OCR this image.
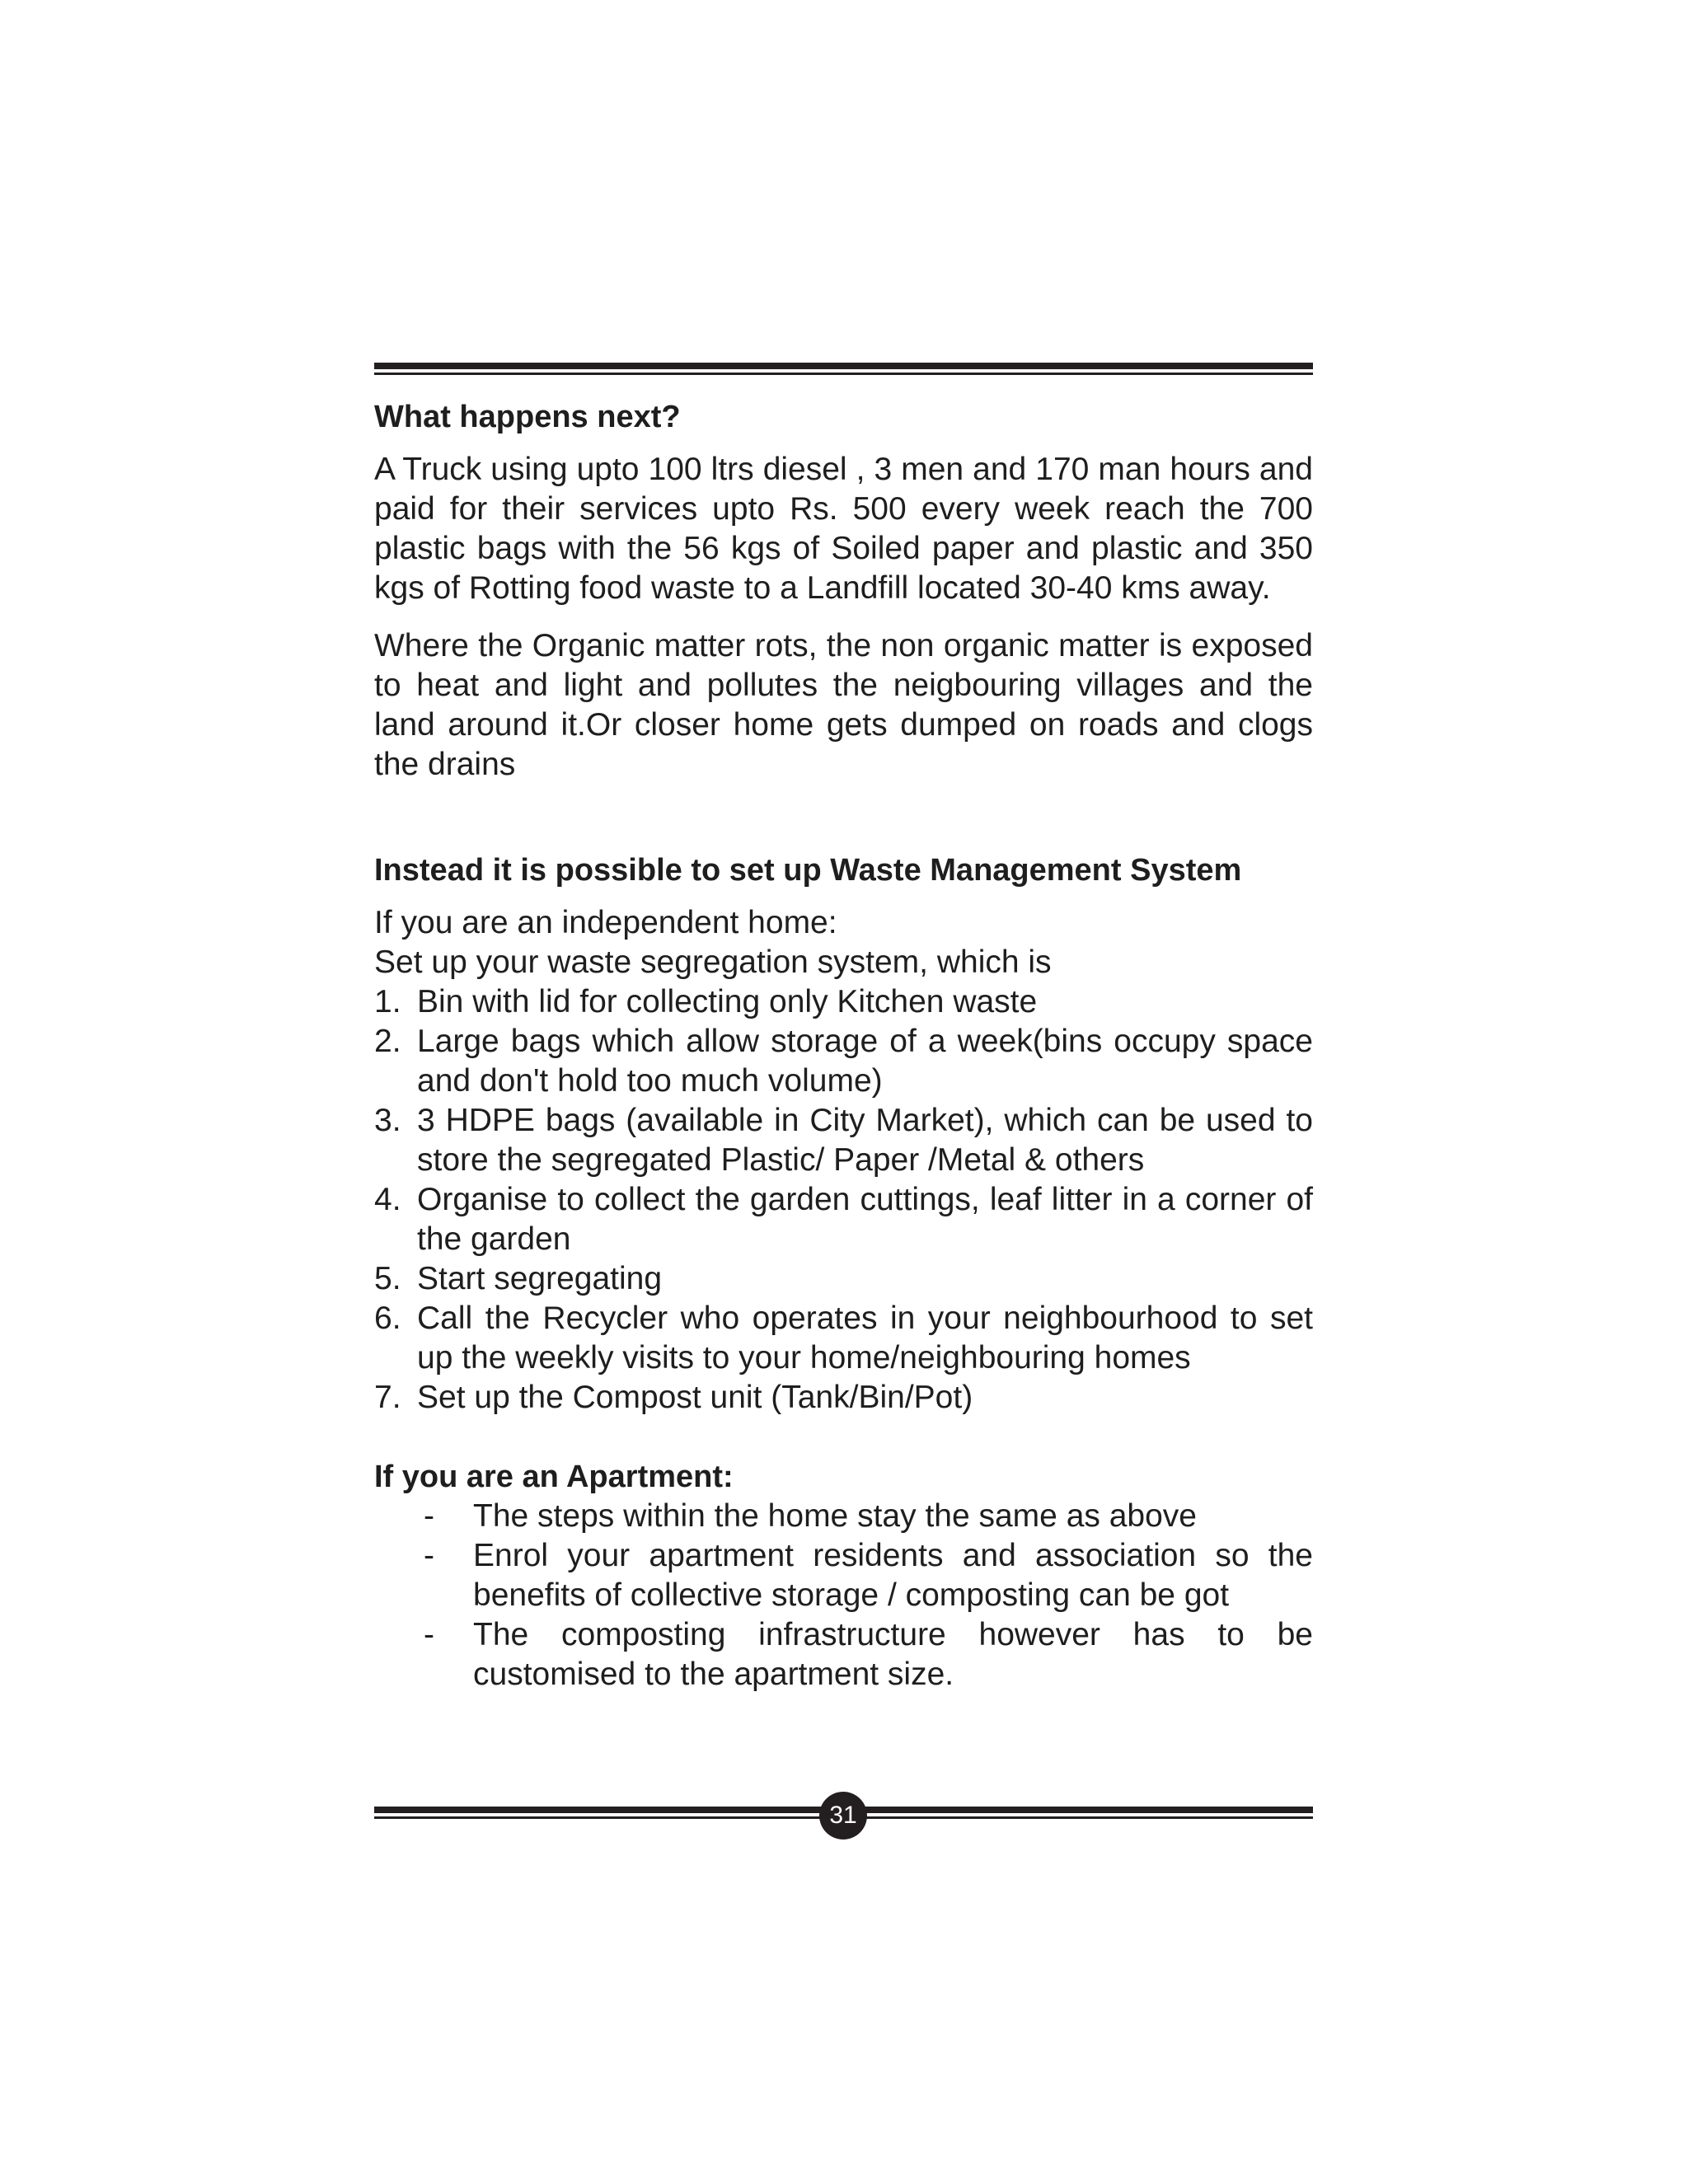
What happens next?

A Truck using upto 100 ltrs diesel , 3 men and 170 man hours and paid for their services upto Rs. 500 every week reach the 700 plastic bags with the 56 kgs of Soiled paper and plastic and 350 kgs of Rotting food waste to a Landfill located 30-40 kms away.

Where the Organic matter rots, the non organic matter is exposed to heat and light and pollutes the neigbouring villages and the land around it.Or closer home gets dumped on roads and clogs the drains

Instead it is possible to set up Waste Management System

If you are an independent home:

Set up your waste segregation system, which is

1. Bin with lid for collecting only Kitchen waste
2. Large bags which allow storage of a week(bins occupy space and don't hold too much volume)
3. 3 HDPE bags (available in City Market), which can be used to store the segregated Plastic/ Paper /Metal & others
4. Organise to collect the garden cuttings, leaf litter in a corner of the garden
5. Start segregating
6. Call the Recycler who operates in your neighbourhood to set up the weekly visits to your home/neighbouring homes
7. Set up the Compost unit (Tank/Bin/Pot)
If you are an Apartment:
- The steps within the home stay the same as above
- Enrol your apartment residents and association so the benefits of collective storage / composting can be got
- The composting infrastructure however has to be customised to the apartment size.
31
